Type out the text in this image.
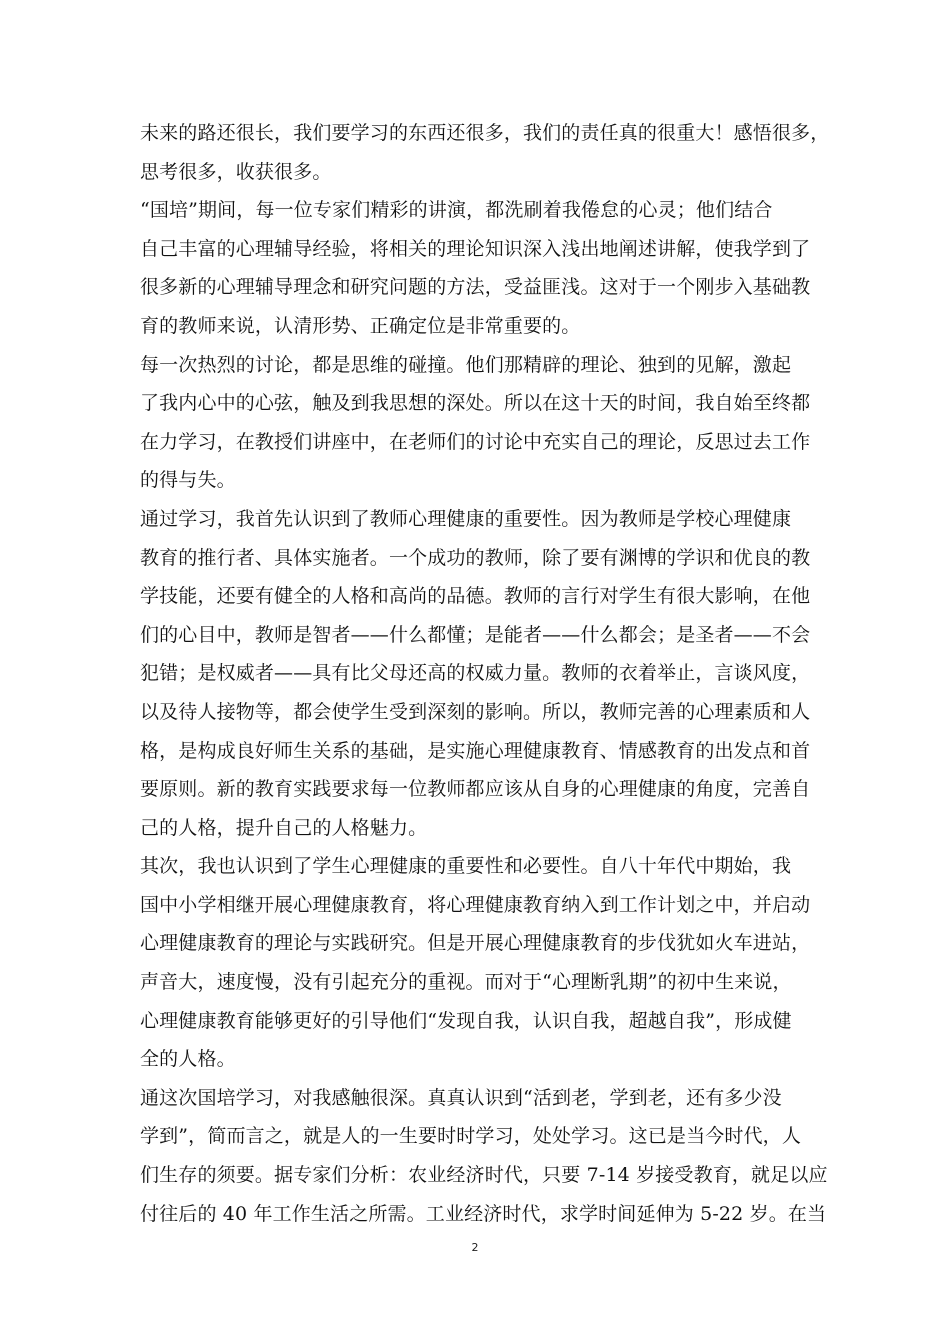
未来的路还很长，我们要学习的东西还很多，我们的责任真的很重大！感悟很多，
思考很多，收获很多。
“国培”期间，每一位专家们精彩的讲演，都洗刷着我倦怠的心灵；他们结合
自己丰富的心理辅导经验，将相关的理论知识深入浅出地阐述讲解，使我学到了
很多新的心理辅导理念和研究问题的方法，受益匪浅。这对于一个刚步入基础教
育的教师来说，认清形势、正确定位是非常重要的。
每一次热烈的讨论，都是思维的碰撞。他们那精辟的理论、独到的见解，激起
了我内心中的心弦，触及到我思想的深处。所以在这十天的时间，我自始至终都
在力学习，在教授们讲座中，在老师们的讨论中充实自己的理论，反思过去工作
的得与失。
通过学习，我首先认识到了教师心理健康的重要性。因为教师是学校心理健康
教育的推行者、具体实施者。一个成功的教师，除了要有渊博的学识和优良的教
学技能，还要有健全的人格和高尚的品德。教师的言行对学生有很大影响，在他
们的心目中，教师是智者——什么都懂；是能者——什么都会；是圣者——不会
犯错；是权威者——具有比父母还高的权威力量。教师的衣着举止，言谈风度，
以及待人接物等，都会使学生受到深刻的影响。所以，教师完善的心理素质和人
格，是构成良好师生关系的基础，是实施心理健康教育、情感教育的出发点和首
要原则。新的教育实践要求每一位教师都应该从自身的心理健康的角度，完善自
己的人格，提升自己的人格魅力。
其次，我也认识到了学生心理健康的重要性和必要性。自八十年代中期始，我
国中小学相继开展心理健康教育，将心理健康教育纳入到工作计划之中，并启动
心理健康教育的理论与实践研究。但是开展心理健康教育的步伐犹如火车进站，
声音大，速度慢，没有引起充分的重视。而对于“心理断乳期”的初中生来说，
心理健康教育能够更好的引导他们“发现自我，认识自我，超越自我”，形成健
全的人格。
通这次国培学习，对我感触很深。真真认识到“活到老，学到老，还有多少没
学到”，简而言之，就是人的一生要时时学习，处处学习。这已是当今时代，人
们生存的须要。据专家们分析：农业经济时代，只要 7-14 岁接受教育，就足以应
付往后的 40 年工作生活之所需。工业经济时代，求学时间延伸为 5-22 岁。在当
2
